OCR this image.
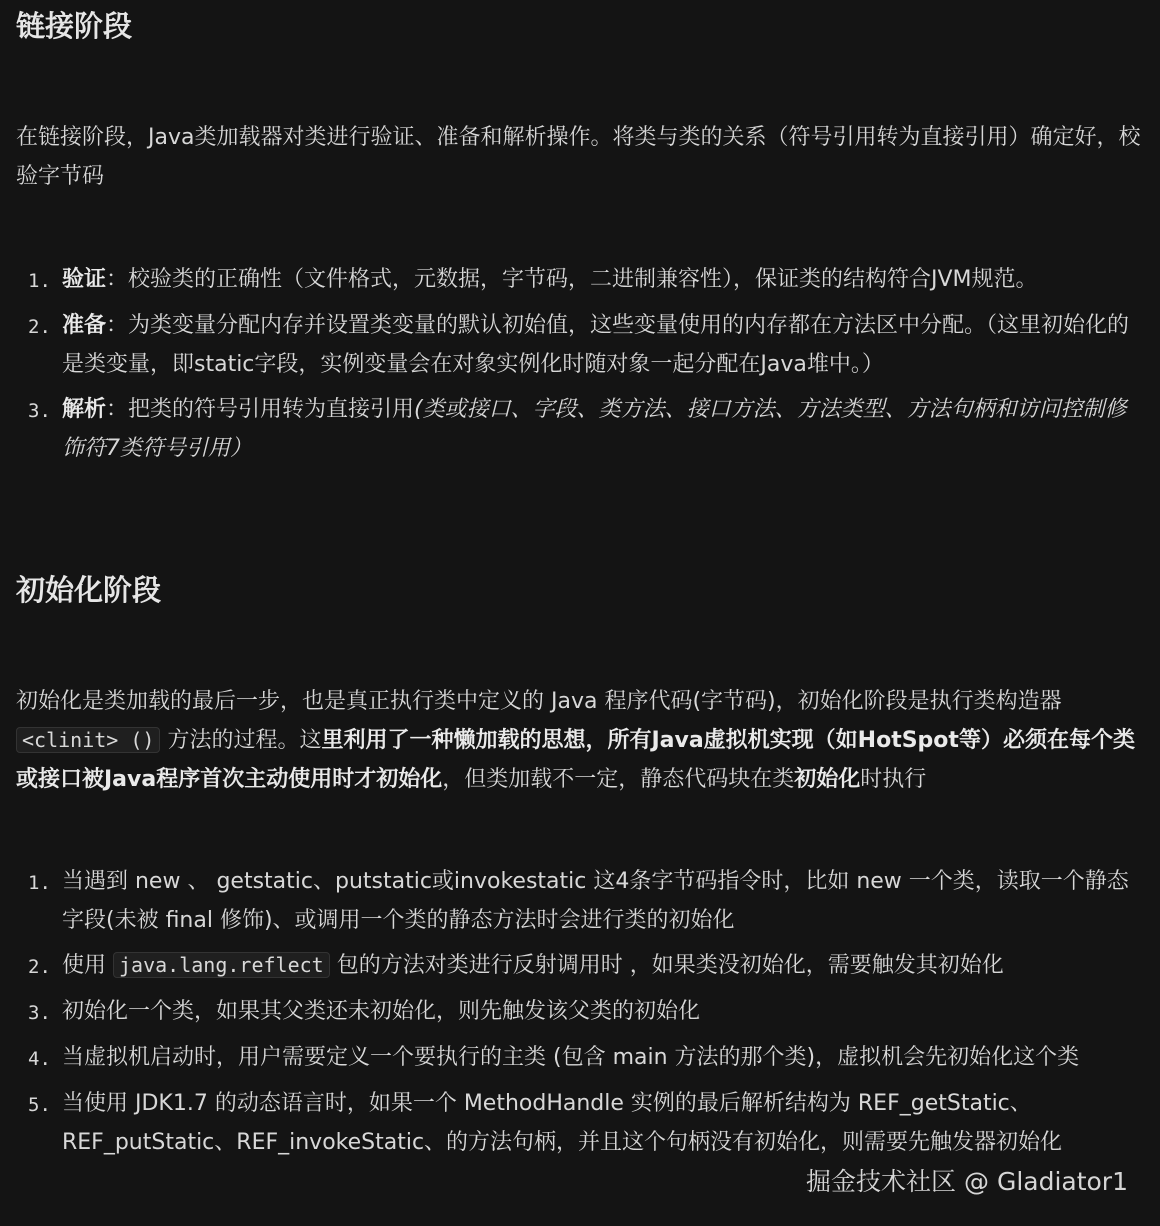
链接阶段

在链接阶段，Java类加载器对类进行验证、准备和解析操作。将类与类的关系（符号引用转为直接引用）确定好，校验字节码

1. 验证：校验类的正确性（文件格式，元数据，字节码，二进制兼容性），保证类的结构符合JVM规范。
2. 准备：为类变量分配内存并设置类变量的默认初始值，这些变量使用的内存都在方法区中分配。（这里初始化的是类变量，即static字段，实例变量会在对象实例化时随对象一起分配在Java堆中。）
3. 解析：把类的符号引用转为直接引用(类或接口、字段、类方法、接口方法、方法类型、方法句柄和访问控制修饰符7类符号引用）
初始化阶段

初始化是类加载的最后一步，也是真正执行类中定义的 Java 程序代码(字节码)，初始化阶段是执行类构造器 <clinit> () 方法的过程。这里利用了一种懒加载的思想，所有Java虚拟机实现（如HotSpot等）必须在每个类或接口被Java程序首次主动使用时才初始化，但类加载不一定，静态代码块在类初始化时执行

1. 当遇到 new 、 getstatic、putstatic或invokestatic 这4条字节码指令时，比如 new 一个类，读取一个静态字段(未被 final 修饰)、或调用一个类的静态方法时会进行类的初始化
2. 使用 java.lang.reflect 包的方法对类进行反射调用时 ，如果类没初始化，需要触发其初始化
3. 初始化一个类，如果其父类还未初始化，则先触发该父类的初始化
4. 当虚拟机启动时，用户需要定义一个要执行的主类 (包含 main 方法的那个类)，虚拟机会先初始化这个类
5. 当使用 JDK1.7 的动态语言时，如果一个 MethodHandle 实例的最后解析结构为 REF_getStatic、REF_putStatic、REF_invokeStatic、的方法句柄，并且这个句柄没有初始化，则需要先触发器初始化
掘金技术社区 @ Gladiator1
